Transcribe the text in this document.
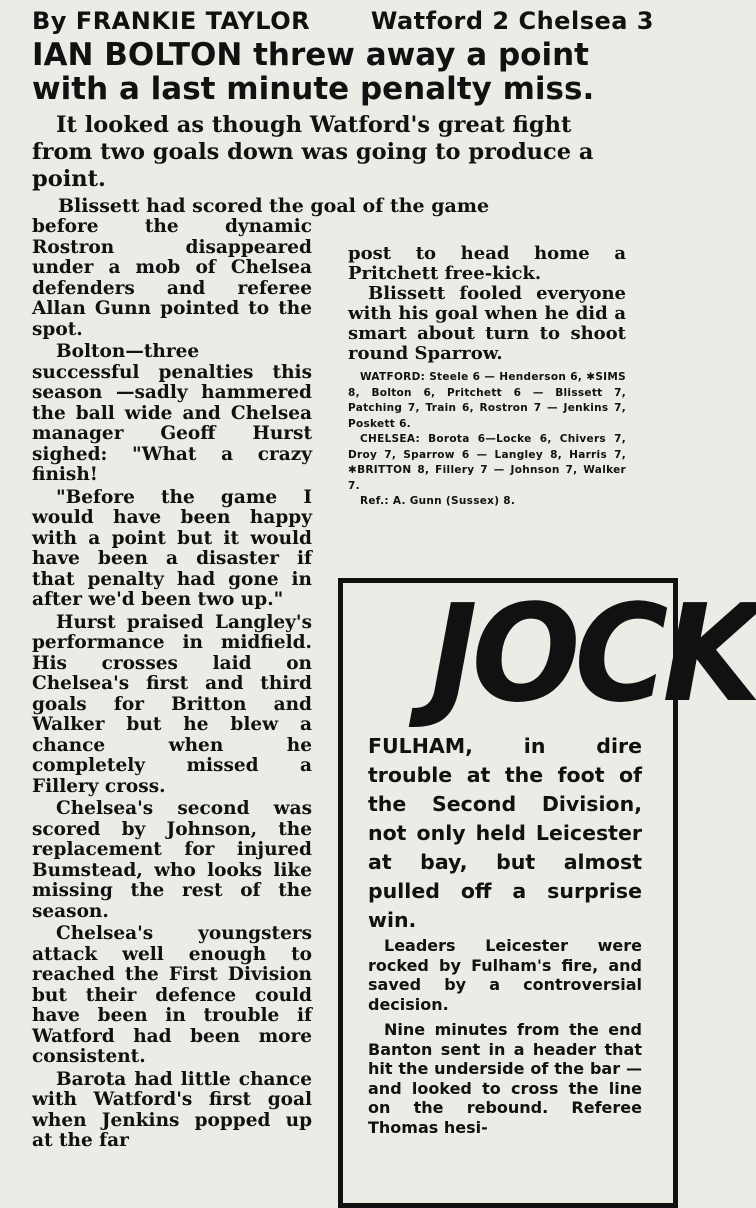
By FRANKIE TAYLOR	Watford 2 Chelsea 3
IAN BOLTON threw away a point with a last minute penalty miss.

It looked as though Watford's great fight from two goals down was going to produce a point.

Blissett had scored the goal of the game

before the dynamic Rostron disappeared under a mob of Chelsea defenders and referee Allan Gunn pointed to the spot.

Bolton—three successful penalties this season —sadly hammered the ball wide and Chelsea manager Geoff Hurst sighed: "What a crazy finish!

"Before the game I would have been happy with a point but it would have been a disaster if that penalty had gone in after we'd been two up."

Hurst praised Langley's performance in midfield. His crosses laid on Chelsea's first and third goals for Britton and Walker but he blew a chance when he completely missed a Fillery cross.

Chelsea's second was scored by Johnson, the replacement for injured Bumstead, who looks like missing the rest of the season.

Chelsea's youngsters attack well enough to reached the First Division but their defence could have been in trouble if Watford had been more consistent.

Barota had little chance with Watford's first goal when Jenkins popped up at the far

post to head home a Pritchett free-kick.

Blissett fooled everyone with his goal when he did a smart about turn to shoot round Sparrow.

WATFORD: Steele 6 — Henderson 6, ✱SIMS 8, Bolton 6, Pritchett 6 — Blissett 7, Patching 7, Train 6, Rostron 7 — Jenkins 7, Poskett 6.

CHELSEA: Borota 6—Locke 6, Chivers 7, Droy 7, Sparrow 6 — Langley 8, Harris 7, ✱BRITTON 8, Fillery 7 — Johnson 7, Walker 7.

Ref.: A. Gunn (Sussex) 8.

JOCK

FULHAM, in dire trouble at the foot of the Second Division, not only held Leicester at bay, but almost pulled off a surprise win.

Leaders Leicester were rocked by Fulham's fire, and saved by a controversial decision.

Nine minutes from the end Banton sent in a header that hit the underside of the bar — and looked to cross the line on the rebound. Referee Thomas hesi-
